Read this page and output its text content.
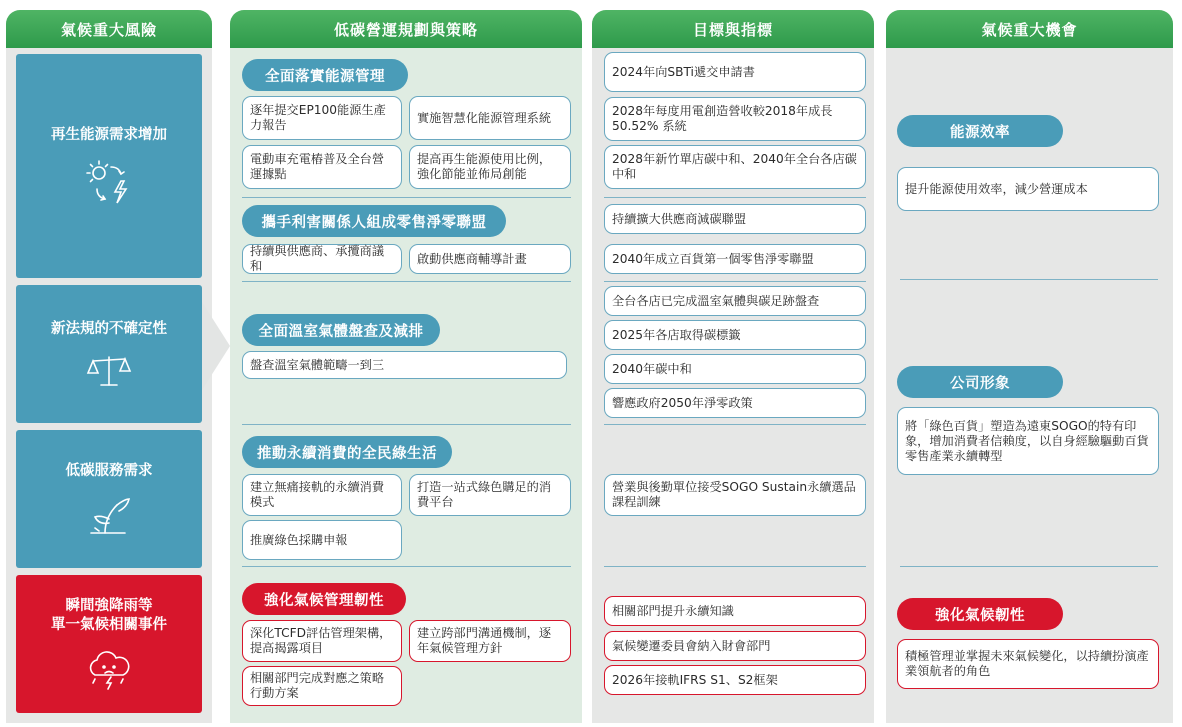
氣候重大風險	低碳營運規劃與策略	目標與指標	氣候重大機會
再生能源需求增加
新法規的不確定性
低碳服務需求
瞬間強降雨等
單一氣候相關事件
全面落實能源管理
逐年提交EP100能源生產力報告
實施智慧化能源管理系統
電動車充電樁普及全台營運據點
提高再生能源使用比例，強化節能並佈局創能
攜手利害關係人組成零售淨零聯盟
持續與供應商、承攬商議和
啟動供應商輔導計畫
全面溫室氣體盤查及減排
盤查溫室氣體範疇一到三
推動永續消費的全民綠生活
建立無痛接軌的永續消費模式
打造一站式綠色購足的消費平台
推廣綠色採購申報
強化氣候管理韌性
深化TCFD評估管理架構，提高揭露項目
建立跨部門溝通機制，逐年氣候管理方針
相關部門完成對應之策略行動方案
2024年向SBTi遞交申請書
2028年每度用電創造營收較2018年成長50.52% 系統
2028年新竹單店碳中和、2040年全台各店碳中和
持續擴大供應商減碳聯盟
2040年成立百貨第一個零售淨零聯盟
全台各店已完成溫室氣體與碳足跡盤查
2025年各店取得碳標籤
2040年碳中和
響應政府2050年淨零政策
營業與後勤單位接受SOGO Sustain永續選品課程訓練
相關部門提升永續知識
氣候變遷委員會納入財會部門
2026年接軌IFRS S1、S2框架
能源效率
提升能源使用效率，減少營運成本
公司形象
將「綠色百貨」塑造為遠東SOGO的特有印象，增加消費者信賴度，以自身經驗驅動百貨零售產業永續轉型
強化氣候韌性
積極管理並掌握未來氣候變化，以持續扮演產業領航者的角色
